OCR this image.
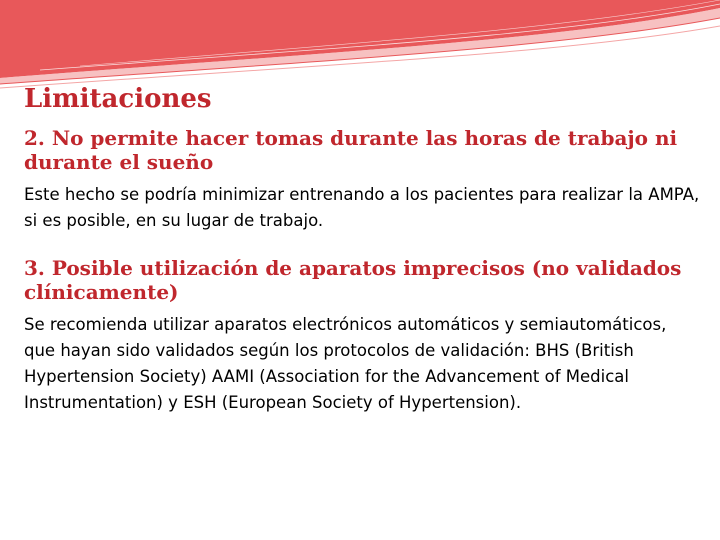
Limitaciones
2. No permite hacer tomas durante las horas de trabajo ni durante el sueño

Este hecho se podría minimizar entrenando a los pacientes para realizar la AMPA, si es posible, en su lugar de trabajo.

3. Posible utilización de aparatos imprecisos (no validados clínicamente)

Se recomienda utilizar aparatos electrónicos automáticos y semiautomáticos, que hayan sido validados según los protocolos de validación: BHS (British Hypertension Society) AAMI (Association for the Advancement of Medical Instrumentation) y ESH (European Society of Hypertension).
